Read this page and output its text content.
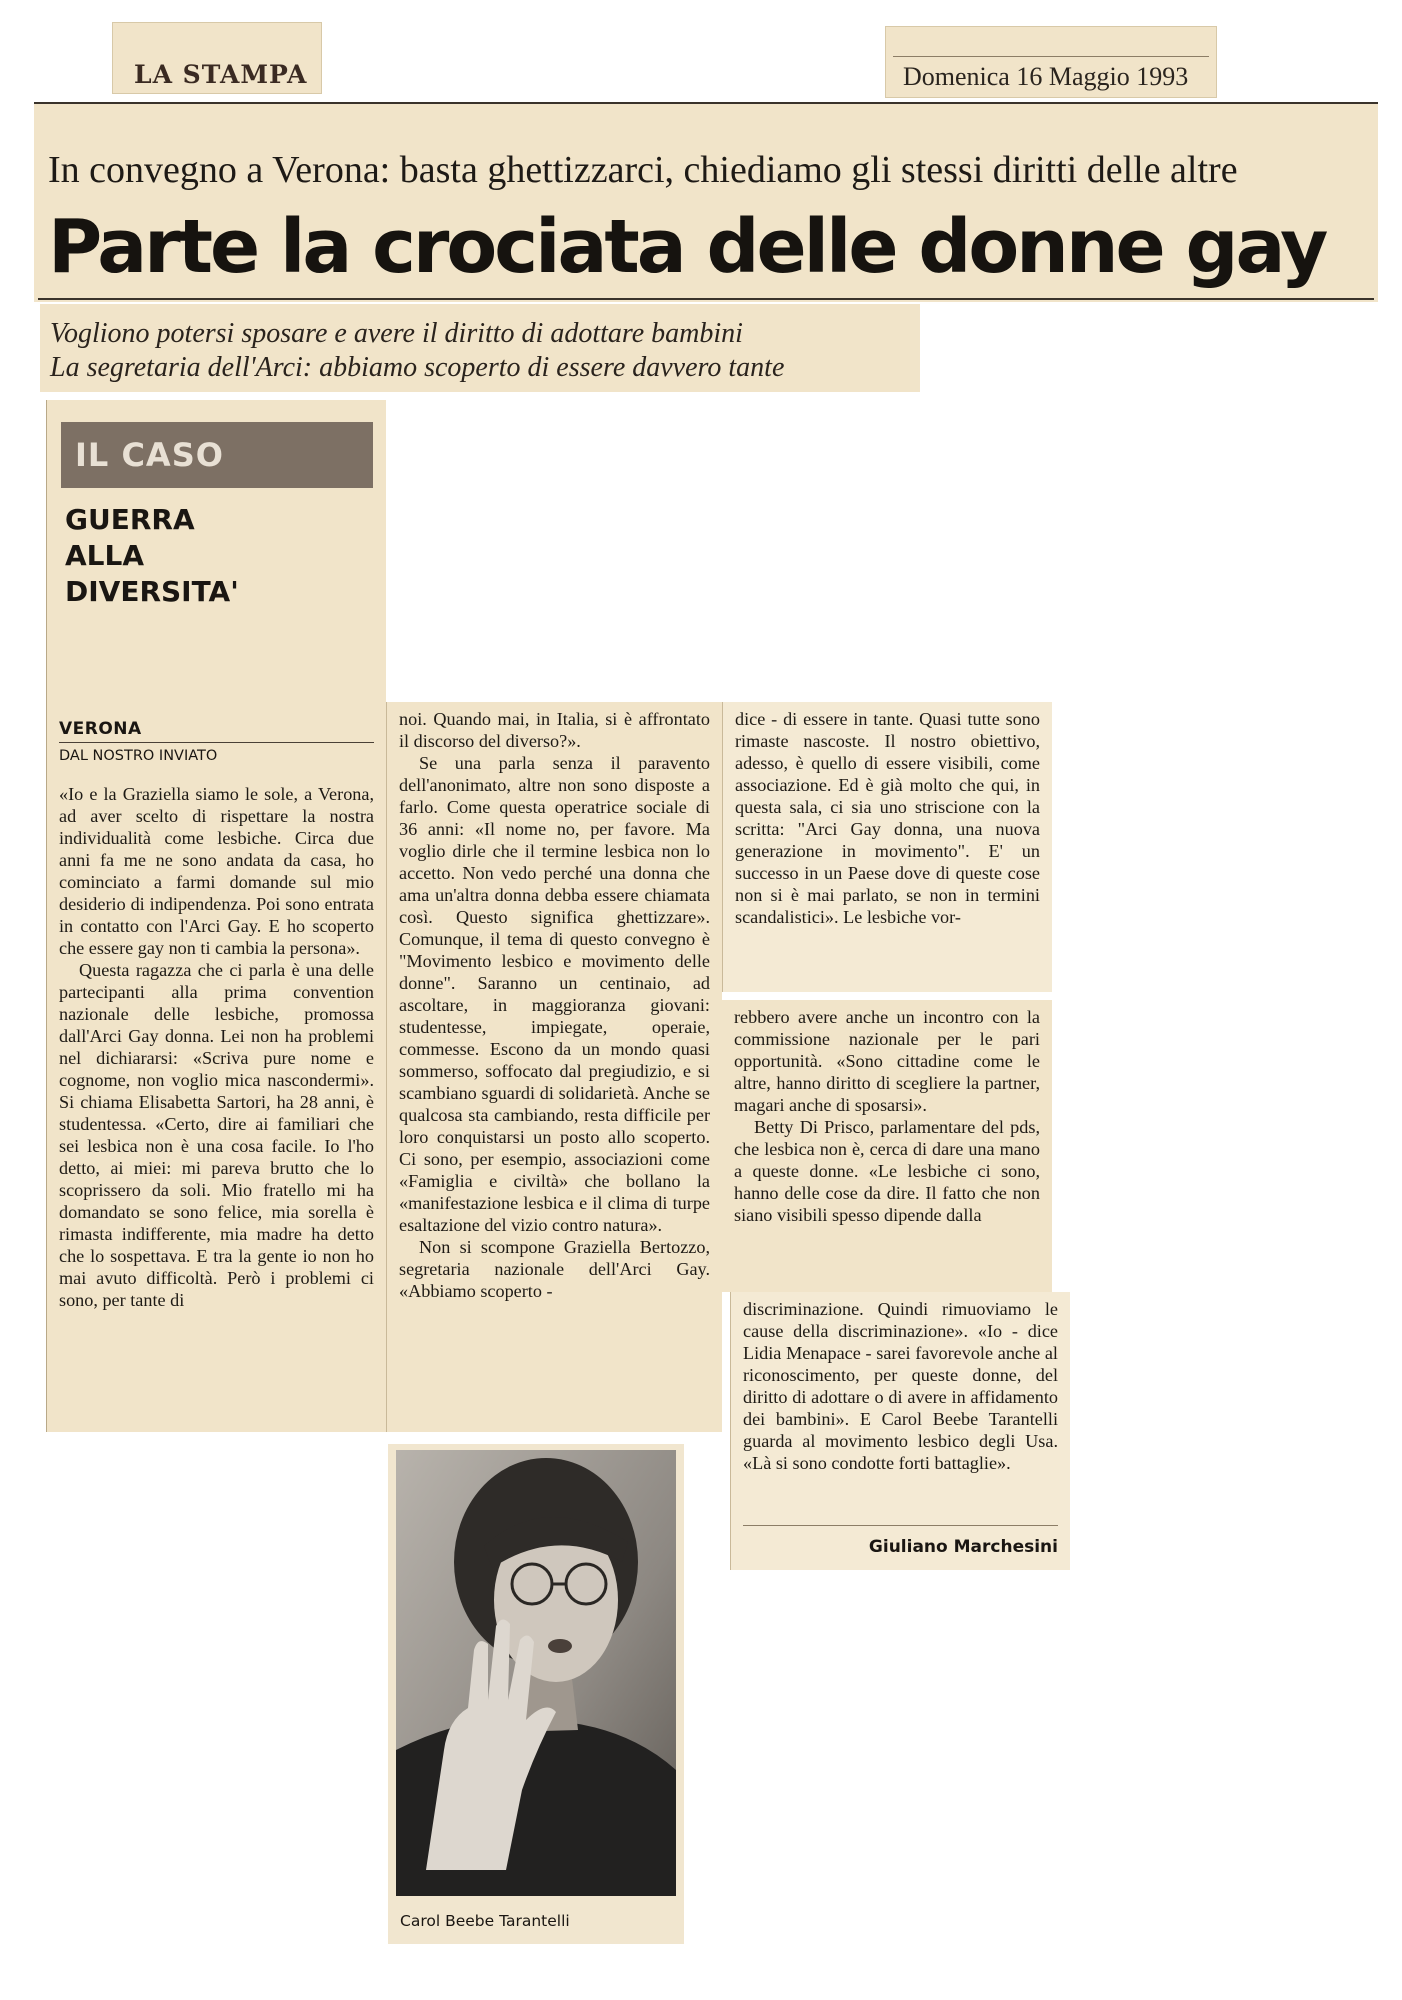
LA STAMPA	Domenica 16 Maggio 1993
In convegno a Verona: basta ghettizzarci, chiediamo gli stessi diritti delle altre
Parte la crociata delle donne gay
Vogliono potersi sposare e avere il diritto di adottare bambini
La segretaria dell'Arci: abbiamo scoperto di essere davvero tante
IL CASO
GUERRA
ALLA
DIVERSITA'
VERONA
DAL NOSTRO INVIATO

«Io e la Graziella siamo le sole, a Verona, ad aver scelto di rispettare la nostra individualità come lesbiche. Circa due anni fa me ne sono andata da casa, ho cominciato a farmi domande sul mio desiderio di indipendenza. Poi sono entrata in contatto con l'Arci Gay. E ho scoperto che essere gay non ti cambia la persona».

Questa ragazza che ci parla è una delle partecipanti alla prima convention nazionale delle lesbiche, promossa dall'Arci Gay donna. Lei non ha problemi nel dichiararsi: «Scriva pure nome e cognome, non voglio mica nascondermi». Si chiama Elisabetta Sartori, ha 28 anni, è studentessa. «Certo, dire ai familiari che sei lesbica non è una cosa facile. Io l'ho detto, ai miei: mi pareva brutto che lo scoprissero da soli. Mio fratello mi ha domandato se sono felice, mia sorella è rimasta indifferente, mia madre ha detto che lo sospettava. E tra la gente io non ho mai avuto difficoltà. Però i problemi ci sono, per tante di

noi. Quando mai, in Italia, si è affrontato il discorso del diverso?».

Se una parla senza il paravento dell'anonimato, altre non sono disposte a farlo. Come questa operatrice sociale di 36 anni: «Il nome no, per favore. Ma voglio dirle che il termine lesbica non lo accetto. Non vedo perché una donna che ama un'altra donna debba essere chiamata così. Questo significa ghettizzare». Comunque, il tema di questo convegno è "Movimento lesbico e movimento delle donne". Saranno un centinaio, ad ascoltare, in maggioranza giovani: studentesse, impiegate, operaie, commesse. Escono da un mondo quasi sommerso, soffocato dal pregiudizio, e si scambiano sguardi di solidarietà. Anche se qualcosa sta cambiando, resta difficile per loro conquistarsi un posto allo scoperto. Ci sono, per esempio, associazioni come «Famiglia e civiltà» che bollano la «manifestazione lesbica e il clima di turpe esaltazione del vizio contro natura».

Non si scompone Graziella Bertozzo, segretaria nazionale dell'Arci Gay. «Abbiamo scoperto -

dice - di essere in tante. Quasi tutte sono rimaste nascoste. Il nostro obiettivo, adesso, è quello di essere visibili, come associazione. Ed è già molto che qui, in questa sala, ci sia uno striscione con la scritta: "Arci Gay donna, una nuova generazione in movimento". E' un successo in un Paese dove di queste cose non si è mai parlato, se non in termini scandalistici». Le lesbiche vor-

rebbero avere anche un incontro con la commissione nazionale per le pari opportunità. «Sono cittadine come le altre, hanno diritto di scegliere la partner, magari anche di sposarsi».

Betty Di Prisco, parlamentare del pds, che lesbica non è, cerca di dare una mano a queste donne. «Le lesbiche ci sono, hanno delle cose da dire. Il fatto che non siano visibili spesso dipende dalla

discriminazione. Quindi rimuoviamo le cause della discriminazione». «Io - dice Lidia Menapace - sarei favorevole anche al riconoscimento, per queste donne, del diritto di adottare o di avere in affidamento dei bambini». E Carol Beebe Tarantelli guarda al movimento lesbico degli Usa. «Là si sono condotte forti battaglie».

Giuliano Marchesini
Carol Beebe Tarantelli
